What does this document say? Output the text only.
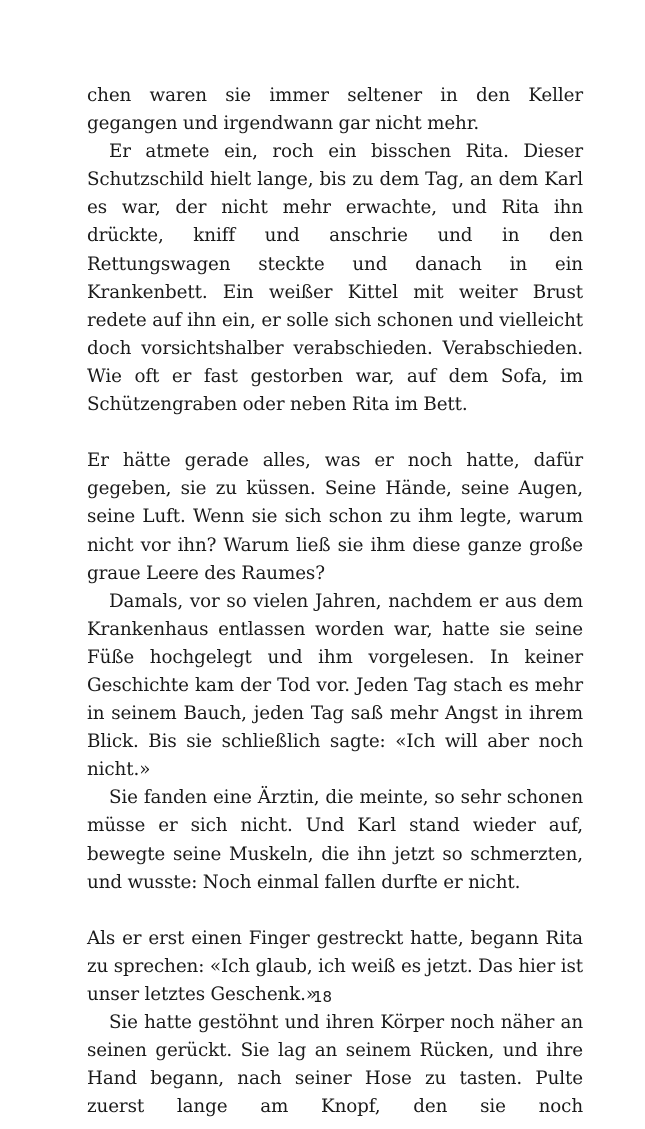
chen waren sie immer seltener in den Keller gegangen und irgendwann gar nicht mehr.

Er atmete ein, roch ein bisschen Rita. Dieser Schutzschild hielt lange, bis zu dem Tag, an dem Karl es war, der nicht mehr erwachte, und Rita ihn drückte, kniff und anschrie und in den Rettungswagen steckte und danach in ein Krankenbett. Ein weißer Kittel mit weiter Brust redete auf ihn ein, er solle sich schonen und vielleicht doch vorsichtshalber verabschieden. Verabschieden. Wie oft er fast gestorben war, auf dem Sofa, im Schützengraben oder neben Rita im Bett.

Er hätte gerade alles, was er noch hatte, dafür gegeben, sie zu küssen. Seine Hände, seine Augen, seine Luft. Wenn sie sich schon zu ihm legte, warum nicht vor ihn? Warum ließ sie ihm diese ganze große graue Leere des Raumes?

Damals, vor so vielen Jahren, nachdem er aus dem Krankenhaus entlassen worden war, hatte sie seine Füße hochgelegt und ihm vorgelesen. In keiner Geschichte kam der Tod vor. Jeden Tag stach es mehr in seinem Bauch, jeden Tag saß mehr Angst in ihrem Blick. Bis sie schließlich sagte: «Ich will aber noch nicht.»

Sie fanden eine Ärztin, die meinte, so sehr schonen müsse er sich nicht. Und Karl stand wieder auf, bewegte seine Muskeln, die ihn jetzt so schmerzten, und wusste: Noch einmal fallen durfte er nicht.

Als er erst einen Finger gestreckt hatte, begann Rita zu sprechen: «Ich glaub, ich weiß es jetzt. Das hier ist unser letztes Geschenk.»

Sie hatte gestöhnt und ihren Körper noch näher an seinen gerückt. Sie lag an seinem Rücken, und ihre Hand begann, nach seiner Hose zu tasten. Pulte zuerst lange am Knopf, den sie noch

18
